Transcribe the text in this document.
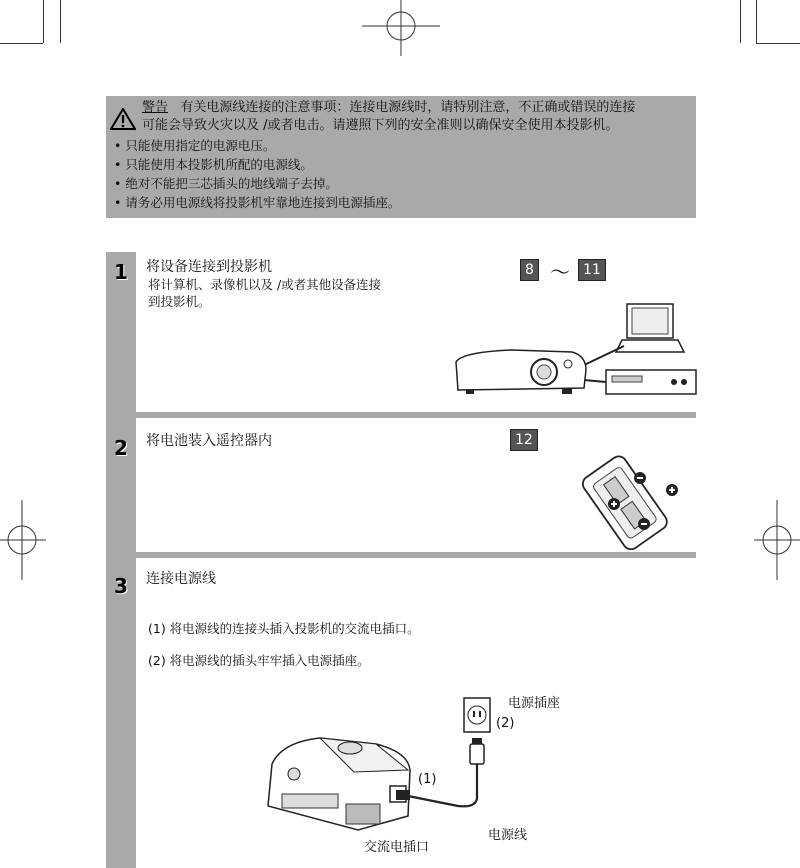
警告 有关电源线连接的注意事项：连接电源线时，请特别注意，不正确或错误的连接
可能会导致火灾以及 /或者电击。请遵照下列的安全准则以确保安全使用本投影机。
• 只能使用指定的电源电压。
• 只能使用本投影机所配的电源线。
• 绝对不能把三芯插头的地线端子去掉。
• 请务必用电源线将投影机牢靠地连接到电源插座。
1 将设备连接到投影机
将计算机、录像机以及 /或者其他设备连接
到投影机。
8 ～ 11
2 将电池装入遥控器内	12
3 连接电源线
(1) 将电源线的连接头插入投影机的交流电插口。
(2) 将电源线的插头牢牢插入电源插座。
电源插座
(2)
(1)
电源线
交流电插口
